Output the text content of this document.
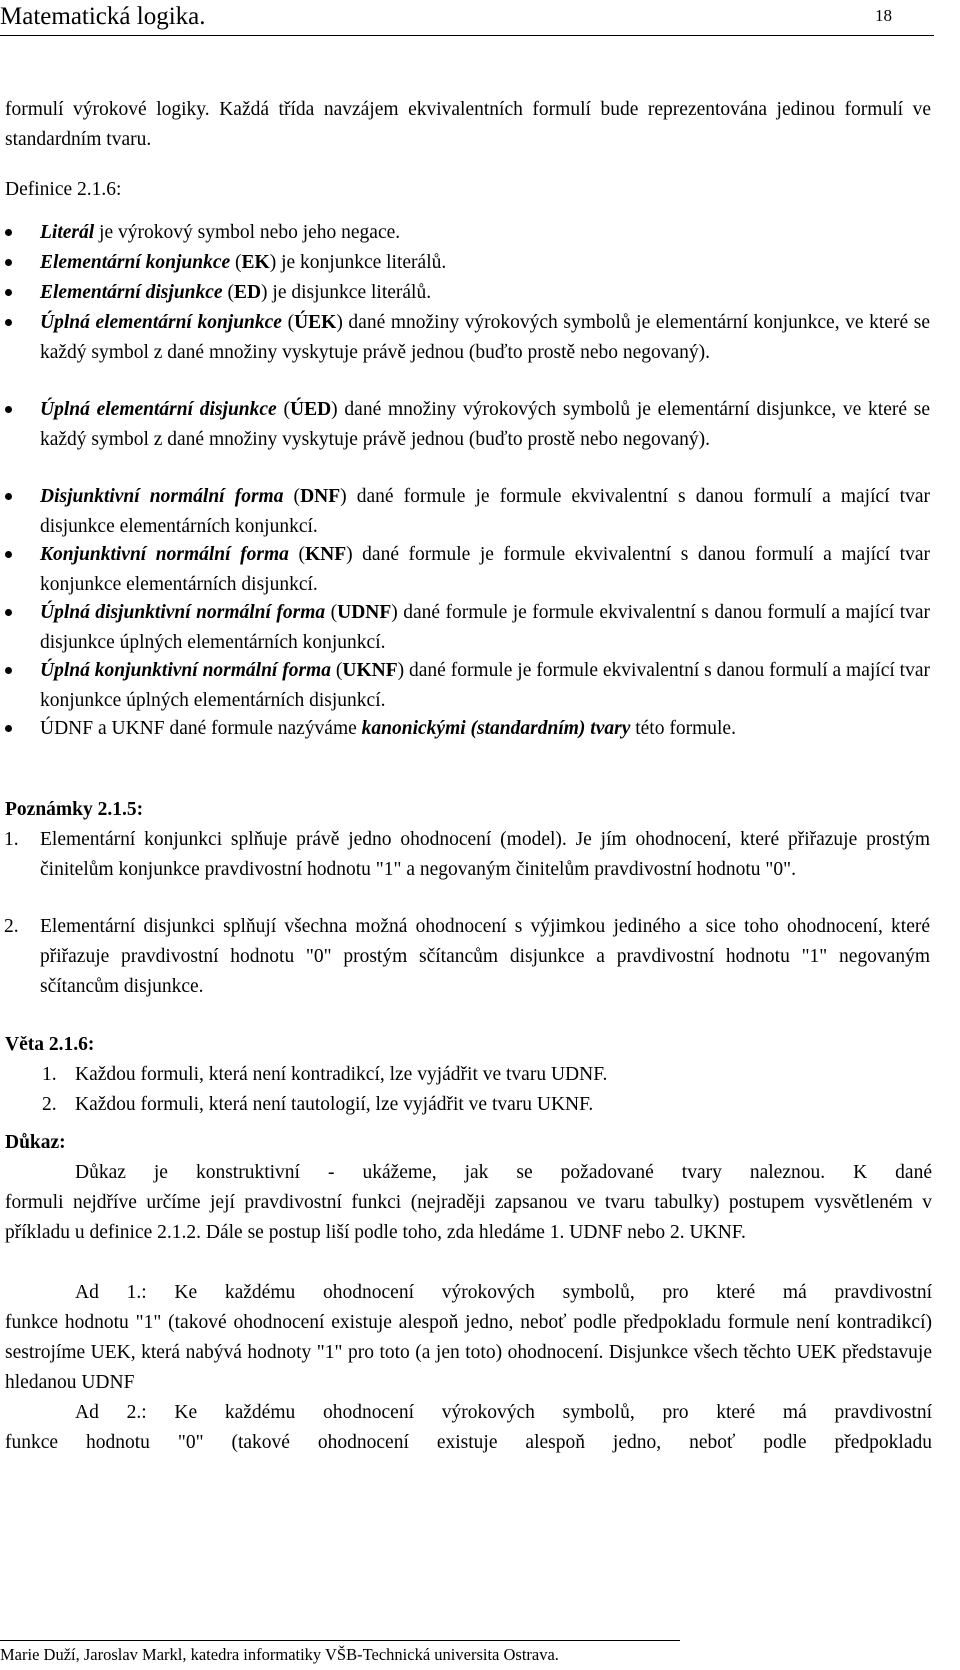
Matematická logika.	18
formulí výrokové logiky. Každá třída navzájem ekvivalentních formulí bude reprezentována jedinou formulí ve standardním tvaru.
Definice 2.1.6:
Literál je výrokový symbol nebo jeho negace.
Elementární konjunkce (EK) je konjunkce literálů.
Elementární disjunkce (ED) je disjunkce literálů.
Úplná elementární konjunkce (ÚEK) dané množiny výrokových symbolů je elementární konjunkce, ve které se každý symbol z dané množiny vyskytuje právě jednou (buďto prostě nebo negovaný).
Úplná elementární disjunkce (ÚED) dané množiny výrokových symbolů je elementární disjunkce, ve které se každý symbol z dané množiny vyskytuje právě jednou (buďto prostě nebo negovaný).
Disjunktivní normální forma (DNF) dané formule je formule ekvivalentní s danou formulí a mající tvar disjunkce elementárních konjunkcí.
Konjunktivní normální forma (KNF) dané formule je formule ekvivalentní s danou formulí a mající tvar konjunkce elementárních disjunkcí.
Úplná disjunktivní normální forma (UDNF) dané formule je formule ekvivalentní s danou formulí a mající tvar disjunkce úplných elementárních konjunkcí.
Úplná konjunktivní normální forma (UKNF) dané formule je formule ekvivalentní s danou formulí a mající tvar konjunkce úplných elementárních disjunkcí.
ÚDNF a UKNF dané formule nazýváme kanonickými (standardním) tvary této formule.
Poznámky 2.1.5:
1. Elementární konjunkci splňuje právě jedno ohodnocení (model). Je jím ohodnocení, které přiřazuje prostým činitelům konjunkce pravdivostní hodnotu "1" a negovaným činitelům pravdivostní hodnotu "0".
2. Elementární disjunkci splňují všechna možná ohodnocení s výjimkou jediného a sice toho ohodnocení, které přiřazuje pravdivostní hodnotu "0" prostým sčítancům disjunkce a pravdivostní hodnotu "1" negovaným sčítancům disjunkce.
Věta 2.1.6:
1. Každou formuli, která není kontradikcí, lze vyjádřit ve tvaru UDNF.
2. Každou formuli, která není tautologií, lze vyjádřit ve tvaru UKNF.
Důkaz:
Důkaz je konstruktivní - ukážeme, jak se požadované tvary naleznou. K dané
formuli nejdříve určíme její pravdivostní funkci (nejraději zapsanou ve tvaru tabulky) postupem vysvětleném v příkladu u definice 2.1.2. Dále se postup liší podle toho, zda hledáme 1. UDNF nebo 2. UKNF.
Ad 1.: Ke každému ohodnocení výrokových symbolů, pro které má pravdivostní
funkce hodnotu "1" (takové ohodnocení existuje alespoň jedno, neboť podle předpokladu formule není kontradikcí) sestrojíme UEK, která nabývá hodnoty "1" pro toto (a jen toto) ohodnocení. Disjunkce všech těchto UEK představuje hledanou UDNF
Ad 2.: Ke každému ohodnocení výrokových symbolů, pro které má pravdivostní
funkce hodnotu "0" (takové ohodnocení existuje alespoň jedno, neboť podle předpokladu
Marie Duží, Jaroslav Markl, katedra informatiky VŠB-Technická universita Ostrava.
